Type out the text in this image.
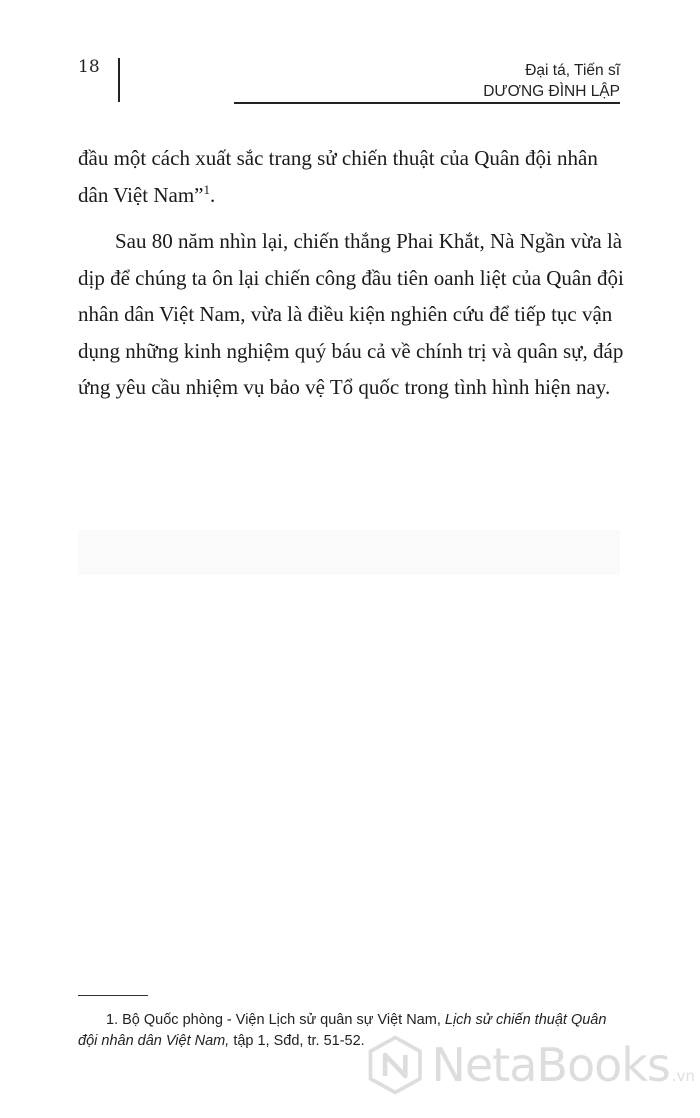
18	Đại tá, Tiến sĩ
DƯƠNG ĐÌNH LẬP

đầu một cách xuất sắc trang sử chiến thuật của Quân đội nhân dân Việt Nam”$^1$.

Sau 80 năm nhìn lại, chiến thắng Phai Khắt, Nà Ngần vừa là dịp để chúng ta ôn lại chiến công đầu tiên oanh liệt của Quân đội nhân dân Việt Nam, vừa là điều kiện nghiên cứu để tiếp tục vận dụng những kinh nghiệm quý báu cả về chính trị và quân sự, đáp ứng yêu cầu nhiệm vụ bảo vệ Tổ quốc trong tình hình hiện nay.

1. Bộ Quốc phòng - Viện Lịch sử quân sự Việt Nam, Lịch sử chiến thuật Quân đội nhân dân Việt Nam, tập 1, Sđd, tr. 51-52.	NetaBooks .vn
